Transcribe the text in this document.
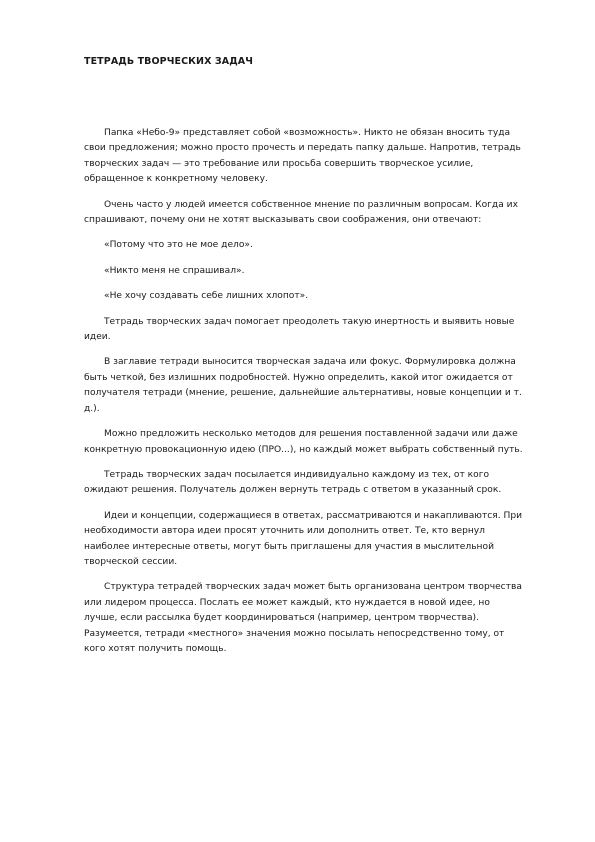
ТЕТРАДЬ ТВОРЧЕСКИХ ЗАДАЧ

Папка «Небо-9» представляет собой «возможность». Никто не обязан вносить туда свои предложения; можно просто прочесть и передать папку дальше. Напротив, тетрадь творческих задач — это требование или просьба совершить творческое усилие, обращенное к конкретному человеку.

Очень часто у людей имеется собственное мнение по различным вопросам. Когда их спрашивают, почему они не хотят высказывать свои соображения, они отвечают:

«Потому что это не мое дело».

«Никто меня не спрашивал».

«Не хочу создавать себе лишних хлопот».

Тетрадь творческих задач помогает преодолеть такую инертность и выявить новые идеи.

В заглавие тетради выносится творческая задача или фокус. Формулировка должна быть четкой, без излишних подробностей. Нужно определить, какой итог ожидается от получателя тетради (мнение, решение, дальнейшие альтернативы, новые концепции и т. д.).

Можно предложить несколько методов для решения поставленной задачи или даже конкретную провокационную идею (ПРО...), но каждый может выбрать собственный путь.

Тетрадь творческих задач посылается индивидуально каждому из тех, от кого ожидают решения. Получатель должен вернуть тетрадь с ответом в указанный срок.

Идеи и концепции, содержащиеся в ответах, рассматриваются и накапливаются. При необходимости автора идеи просят уточнить или дополнить ответ. Те, кто вернул наиболее интересные ответы, могут быть приглашены для участия в мыслительной творческой сессии.

Структура тетрадей творческих задач может быть организована центром творчества или лидером процесса. Послать ее может каждый, кто нуждается в новой идее, но лучше, если рассылка будет координироваться (например, центром творчества). Разумеется, тетради «местного» значения можно посылать непосредственно тому, от кого хотят получить помощь.
